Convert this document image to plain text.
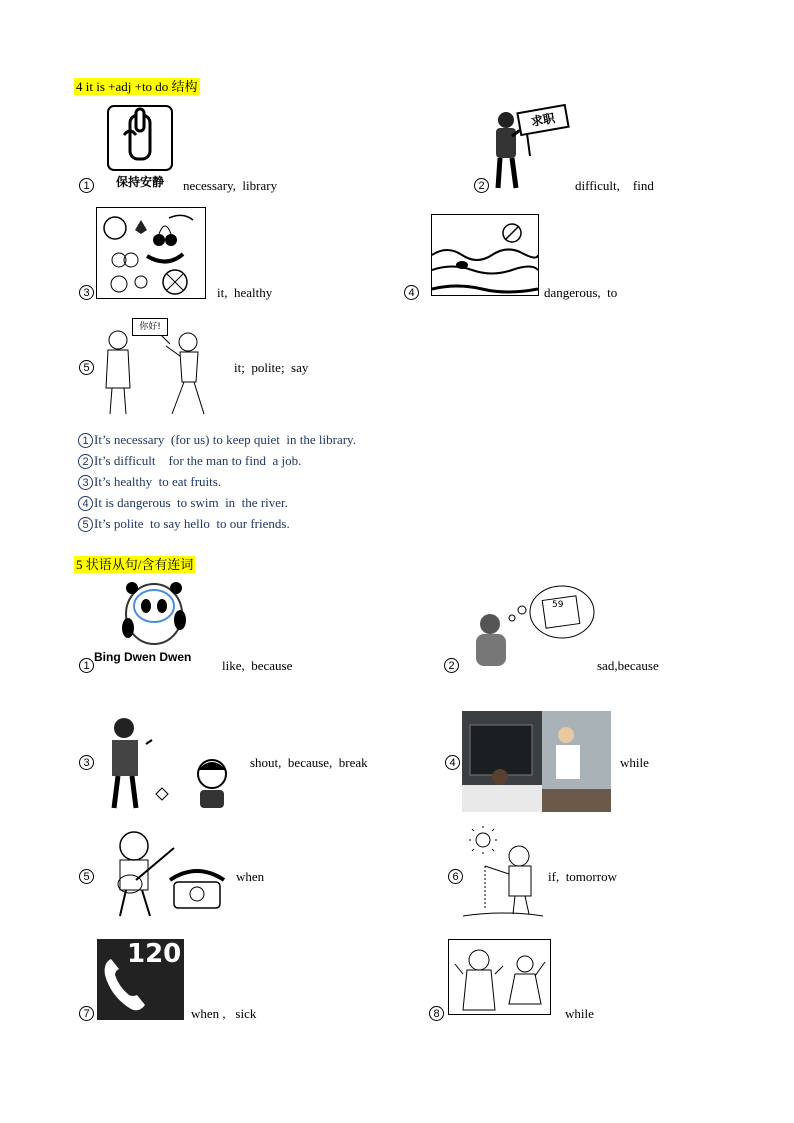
4 it is +adj +to do 结构
1	保持安静	necessary,  library	2
求职
difficult,    find
3	it,  healthy	4	dangerous,  to
5
你好!
it;  polite;  say
1 It’s necessary  (for us) to keep quiet  in the library.
2 It’s difficult    for the man to find  a job.
3 It’s healthy  to eat fruits.
4 It is dangerous  to swim  in  the river.
5 It’s polite  to say hello  to our friends.
5 状语从句/含有连词
1
Bing Dwen Dwen
like,  because	2
59
sad,because
3	shout,  because,  break	4	while
5	when	6	if,  tomorrow
7
120
when ,   sick	8	while
